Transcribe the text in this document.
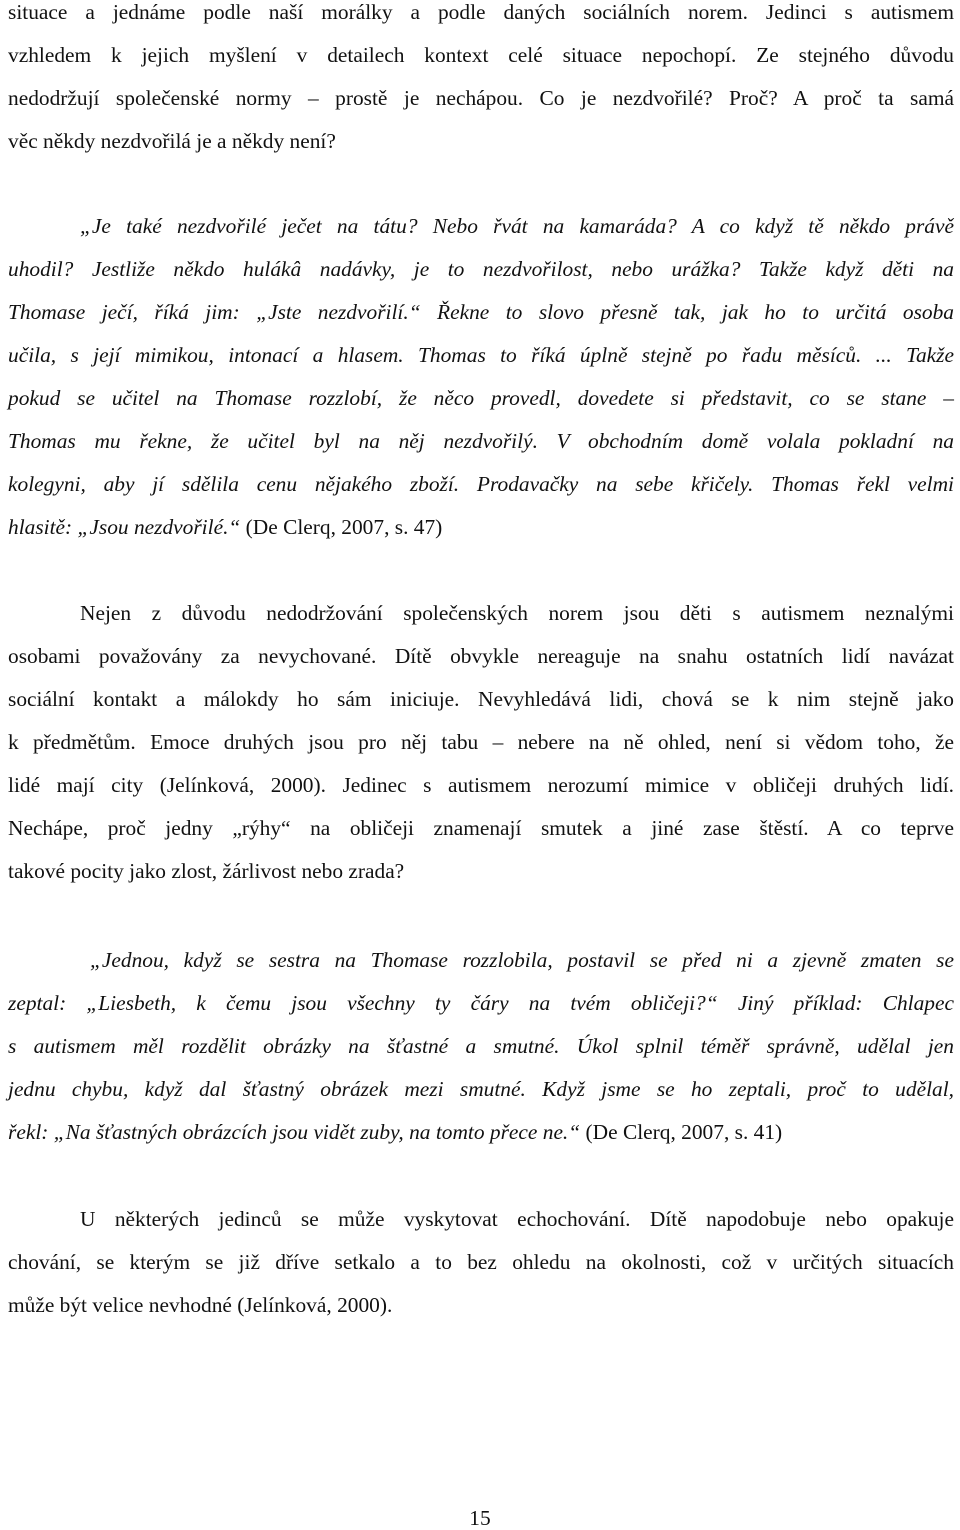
situace a jednáme podle naší morálky a podle daných sociálních norem. Jedinci s autismem
vzhledem k jejich myšlení v detailech kontext celé situace nepochopí. Ze stejného důvodu
nedodržují společenské normy – prostě je nechápou. Co je nezdvořilé? Proč? A proč ta samá
věc někdy nezdvořilá je a někdy není?
„Je také nezdvořilé ječet na tátu? Nebo řvát na kamaráda? A co když tě někdo právě
uhodil? Jestliže někdo hulákâ nadávky, je to nezdvořilost, nebo urážka? Takže když děti na
Thomase ječí, říká jim: „Jste nezdvořilí.“ Řekne to slovo přesně tak, jak ho to určitá osoba
učila, s její mimikou, intonací a hlasem. Thomas to říká úplně stejně po řadu měsíců. ... Takže
pokud se učitel na Thomase rozzlobí, že něco provedl, dovedete si představit, co se stane –
Thomas mu řekne, že učitel byl na něj nezdvořilý. V obchodním domě volala pokladní na
kolegyni, aby jí sdělila cenu nějakého zboží. Prodavačky na sebe křičely. Thomas řekl velmi
hlasitě: „Jsou nezdvořilé.“ (De Clerq, 2007, s. 47)
Nejen z důvodu nedodržování společenských norem jsou děti s autismem neznalými
osobami považovány za nevychované. Dítě obvykle nereaguje na snahu ostatních lidí navázat
sociální kontakt a málokdy ho sám iniciuje. Nevyhledává lidi, chová se k nim stejně jako
k předmětům. Emoce druhých jsou pro něj tabu – nebere na ně ohled, není si vědom toho, že
lidé mají city (Jelínková, 2000). Jedinec s autismem nerozumí mimice v obličeji druhých lidí.
Nechápe, proč jedny „rýhy“ na obličeji znamenají smutek a jiné zase štěstí. A co teprve
takové pocity jako zlost, žárlivost nebo zrada?
„Jednou, když se sestra na Thomase rozzlobila, postavil se před ni a zjevně zmaten se
zeptal: „Liesbeth, k čemu jsou všechny ty čáry na tvém obličeji?“ Jiný příklad: Chlapec
s autismem měl rozdělit obrázky na šťastné a smutné. Úkol splnil téměř správně, udělal jen
jednu chybu, když dal šťastný obrázek mezi smutné. Když jsme se ho zeptali, proč to udělal,
řekl: „Na šťastných obrázcích jsou vidět zuby, na tomto přece ne.“ (De Clerq, 2007, s. 41)
U některých jedinců se může vyskytovat echochování. Dítě napodobuje nebo opakuje
chování, se kterým se již dříve setkalo a to bez ohledu na okolnosti, což v určitých situacích
může být velice nevhodné (Jelínková, 2000).
15
